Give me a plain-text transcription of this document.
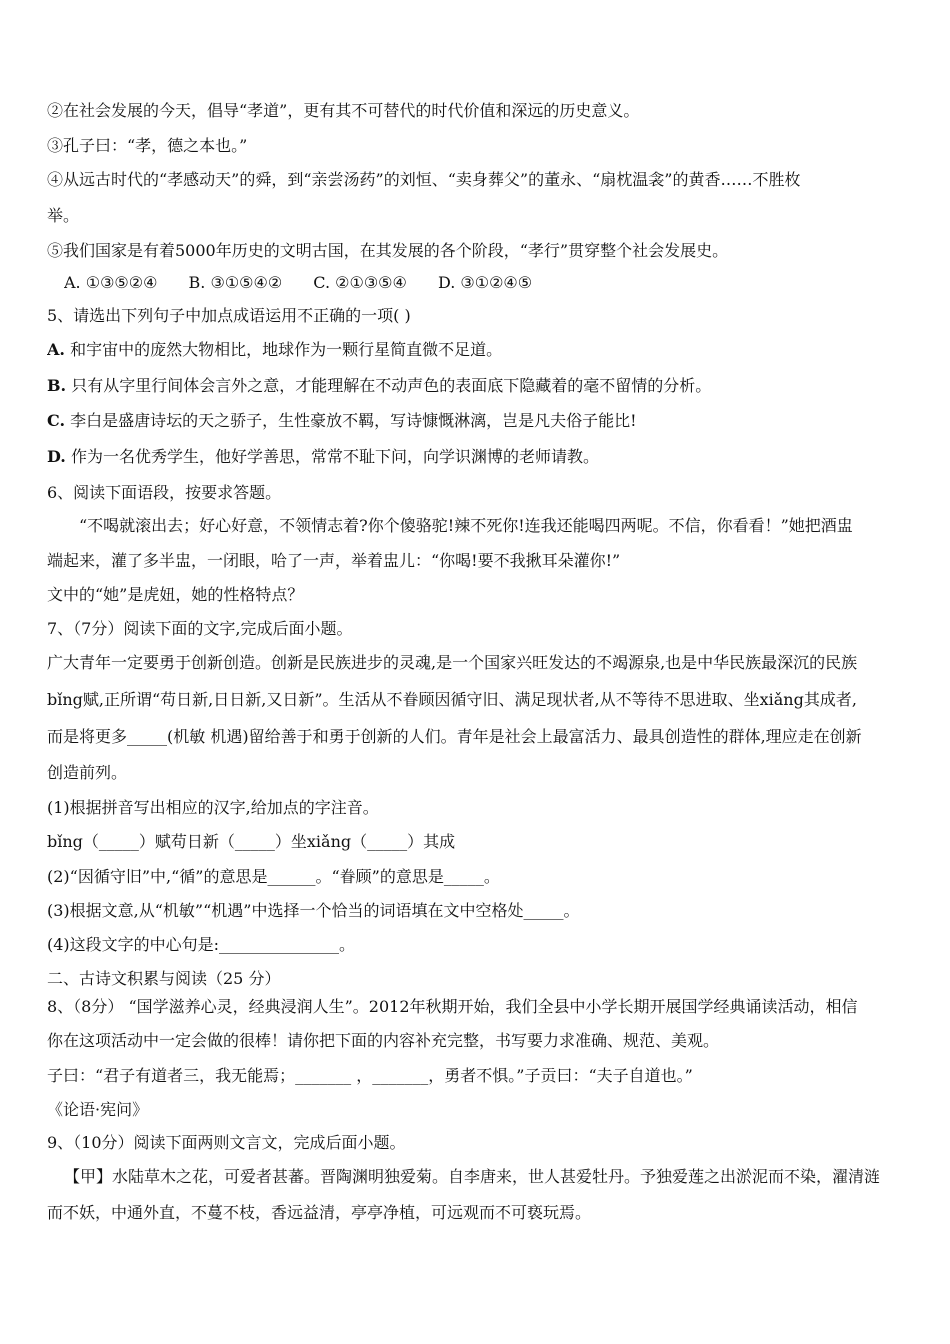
②在社会发展的今天，倡导“孝道”，更有其不可替代的时代价值和深远的历史意义。
③孔子曰：“孝，德之本也。”
④从远古时代的“孝感动天”的舜，到“亲尝汤药”的刘恒、“卖身葬父”的董永、“扇枕温衾”的黄香……不胜枚
举。
⑤我们国家是有着5000年历史的文明古国，在其发展的各个阶段，“孝行”贯穿整个社会发展史。
A. ①③⑤②④ B. ③①⑤④② C. ②①③⑤④ D. ③①②④⑤
5、请选出下列句子中加点成语运用不正确的一项( )
A. 和宇宙中的庞然大物相比，地球作为一颗行星简直微不足道。
B. 只有从字里行间体会言外之意，才能理解在不动声色的表面底下隐藏着的毫不留情的分析。
C. 李白是盛唐诗坛的天之骄子，生性豪放不羁，写诗慷慨淋漓，岂是凡夫俗子能比!
D. 作为一名优秀学生，他好学善思，常常不耻下问，向学识渊博的老师请教。
6、阅读下面语段，按要求答题。
“不喝就滚出去；好心好意，不领情志着?你个傻骆驼!辣不死你!连我还能喝四两呢。不信，你看看！”她把酒盅
端起来，灌了多半盅，一闭眼，哈了一声，举着盅儿：“你喝!要不我揪耳朵灌你!”
文中的“她”是虎妞，她的性格特点？
7、（7分）阅读下面的文字,完成后面小题。
广大青年一定要勇于创新创造。创新是民族进步的灵魂,是一个国家兴旺发达的不竭源泉,也是中华民族最深沉的民族
bǐng赋,正所谓“苟日新,日日新,又日新”。生活从不眷顾因循守旧、满足现状者,从不等待不思进取、坐xiǎng其成者,
而是将更多_____(机敏 机遇)留给善于和勇于创新的人们。青年是社会上最富活力、最具创造性的群体,理应走在创新
创造前列。
(1)根据拼音写出相应的汉字,给加点的字注音。
bǐng（_____）赋苟日新（_____）坐xiǎng（_____）其成
(2)“因循守旧”中,“循”的意思是______。“眷顾”的意思是_____。
(3)根据文意,从“机敏”“机遇”中选择一个恰当的词语填在文中空格处_____。
(4)这段文字的中心句是:_______________。
二、古诗文积累与阅读（25 分）
8、（8分） “国学滋养心灵，经典浸润人生”。2012年秋期开始，我们全县中小学长期开展国学经典诵读活动，相信
你在这项活动中一定会做的很棒！请你把下面的内容补充完整，书写要力求准确、规范、美观。
子曰：“君子有道者三，我无能焉；_______ ，_______，勇者不惧。”子贡曰：“夫子自道也。”
《论语·宪问》
9、（10分）阅读下面两则文言文，完成后面小题。
【甲】水陆草木之花，可爱者甚蕃。晋陶渊明独爱菊。自李唐来，世人甚爱牡丹。予独爱莲之出淤泥而不染，濯清涟
而不妖，中通外直，不蔓不枝，香远益清，亭亭净植，可远观而不可亵玩焉。
